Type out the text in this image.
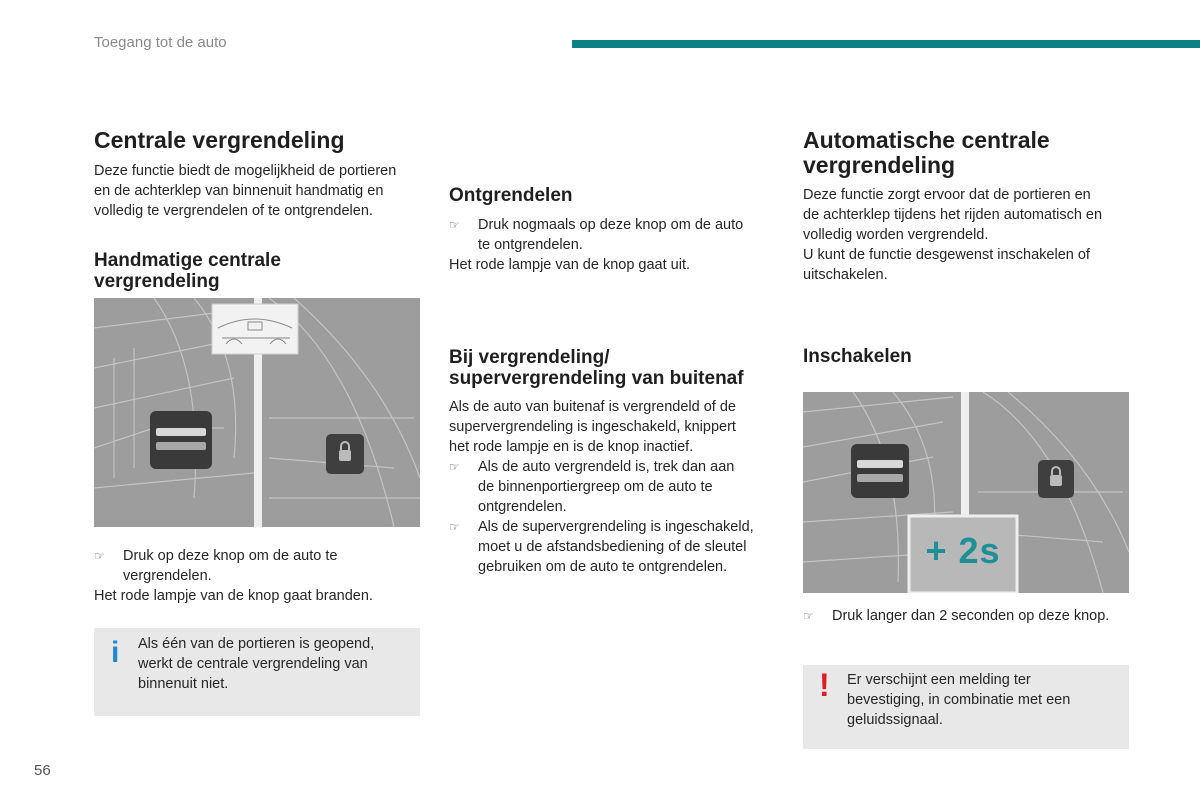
Toegang tot de auto
Centrale vergrendeling
Deze functie biedt de mogelijkheid de portieren
en de achterklep van binnenuit handmatig en
volledig te vergrendelen of te ontgrendelen.
Handmatige centrale
vergrendeling
☞ Druk op deze knop om de auto te
vergrendelen.
Het rode lampje van de knop gaat branden.
i Als één van de portieren is geopend,
werkt de centrale vergrendeling van
binnenuit niet.
Ontgrendelen
☞ Druk nogmaals op deze knop om de auto
te ontgrendelen.
Het rode lampje van de knop gaat uit.
Bij vergrendeling/
supervergrendeling van buitenaf
Als de auto van buitenaf is vergrendeld of de
supervergrendeling is ingeschakeld, knippert
het rode lampje en is de knop inactief.
☞ Als de auto vergrendeld is, trek dan aan
de binnenportiergreep om de auto te
ontgrendelen.
☞ Als de supervergrendeling is ingeschakeld,
moet u de afstandsbediening of de sleutel
gebruiken om de auto te ontgrendelen.
Automatische centrale
vergrendeling
Deze functie zorgt ervoor dat de portieren en
de achterklep tijdens het rijden automatisch en
volledig worden vergrendeld.
U kunt de functie desgewenst inschakelen of
uitschakelen.
Inschakelen
+ 2s
☞ Druk langer dan 2 seconden op deze knop.
! Er verschijnt een melding ter
bevestiging, in combinatie met een
geluidssignaal.
56
